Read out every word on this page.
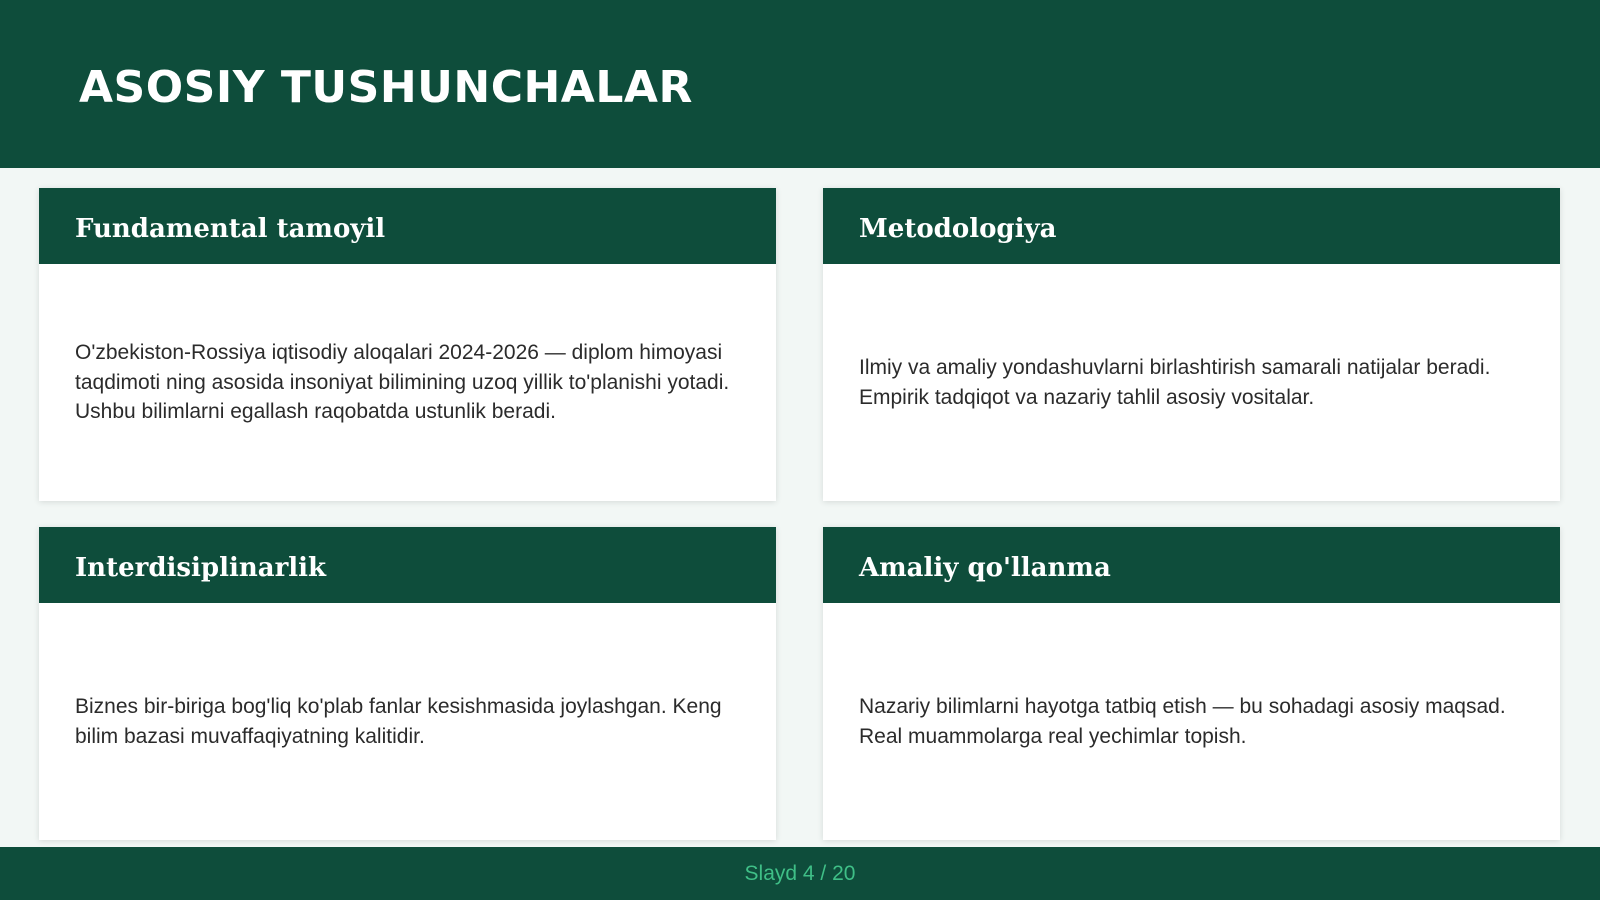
ASOSIY TUSHUNCHALAR
Fundamental tamoyil

O'zbekiston-Rossiya iqtisodiy aloqalari 2024-2026 — diplom himoyasi taqdimoti ning asosida insoniyat bilimining uzoq yillik to'planishi yotadi. Ushbu bilimlarni egallash raqobatda ustunlik beradi.

Metodologiya

Ilmiy va amaliy yondashuvlarni birlashtirish samarali natijalar beradi. Empirik tadqiqot va nazariy tahlil asosiy vositalar.

Interdisiplinarlik

Biznes bir-biriga bog'liq ko'plab fanlar kesishmasida joylashgan. Keng bilim bazasi muvaffaqiyatning kalitidir.

Amaliy qo'llanma

Nazariy bilimlarni hayotga tatbiq etish — bu sohadagi asosiy maqsad. Real muammolarga real yechimlar topish.

Slayd 4 / 20
